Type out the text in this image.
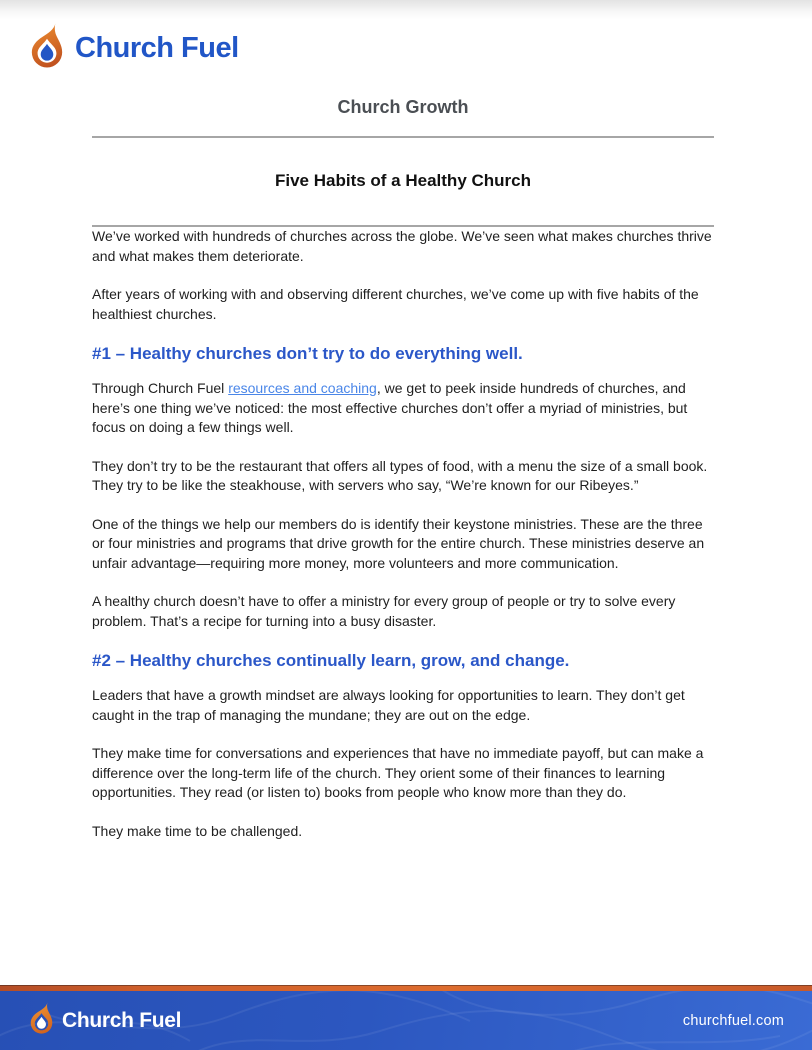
Church Fuel
Church Growth
Five Habits of a Healthy Church

We’ve worked with hundreds of churches across the globe. We’ve seen what makes churches thrive and what makes them deteriorate.

After years of working with and observing different churches, we’ve come up with five habits of the healthiest churches.

#1 – Healthy churches don’t try to do everything well.

Through Church Fuel resources and coaching, we get to peek inside hundreds of churches, and here’s one thing we’ve noticed: the most effective churches don’t offer a myriad of ministries, but focus on doing a few things well.

They don’t try to be the restaurant that offers all types of food, with a menu the size of a small book. They try to be like the steakhouse, with servers who say, “We’re known for our Ribeyes.”

One of the things we help our members do is identify their keystone ministries. These are the three or four ministries and programs that drive growth for the entire church. These ministries deserve an unfair advantage—requiring more money, more volunteers and more communication.

A healthy church doesn’t have to offer a ministry for every group of people or try to solve every problem. That’s a recipe for turning into a busy disaster.

#2 – Healthy churches continually learn, grow, and change.

Leaders that have a growth mindset are always looking for opportunities to learn. They don’t get caught in the trap of managing the mundane; they are out on the edge.

They make time for conversations and experiences that have no immediate payoff, but can make a difference over the long-term life of the church. They orient some of their finances to learning opportunities. They read (or listen to) books from people who know more than they do.

They make time to be challenged.

Church Fuel	churchfuel.com
